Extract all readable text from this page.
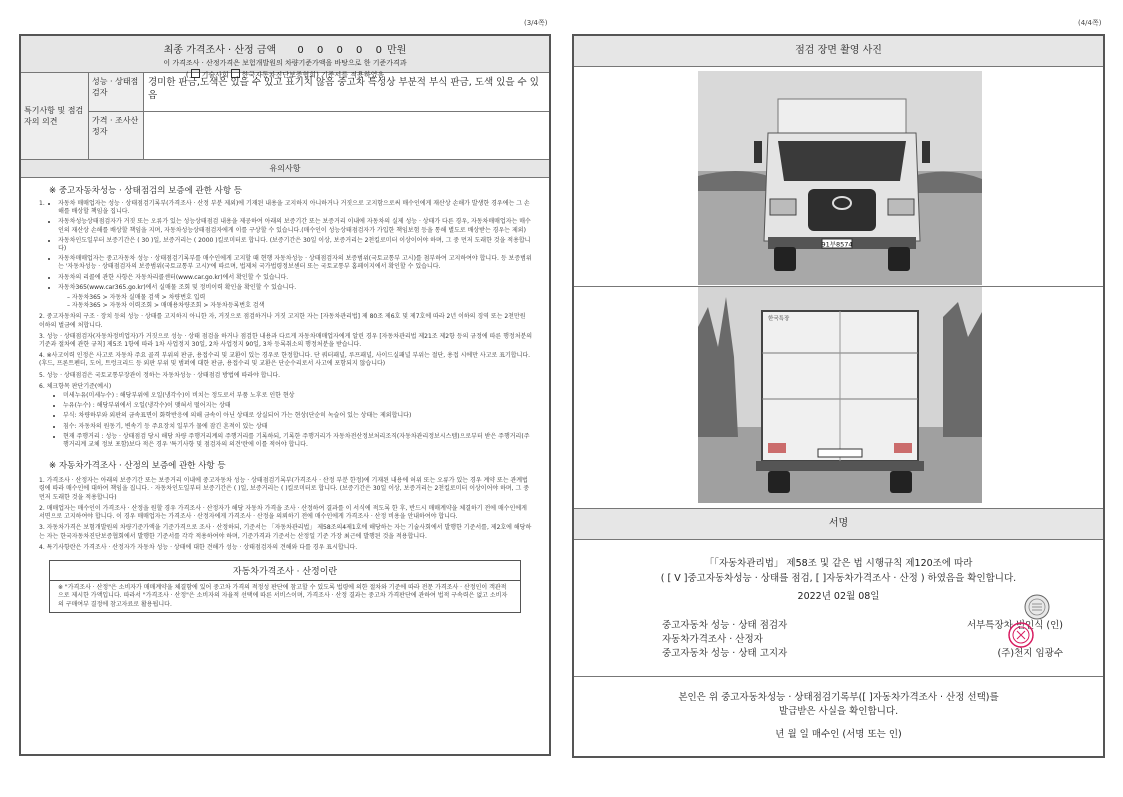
(3/4쪽)	(4/4쪽)
최종 가격조사 · 산정 금액 0 0 0 0 0만원
이 가격조사 · 산정가격은 보험개발원의 차량기준가액을 바탕으로 한 기준가격과
( 기술사회 한국자동차진단보증협회) 기준서를 적용하였음
특기사항 및 점검자의 의견
성능 · 상태점검자
경미한 판금,도색은 있을 수 있고 표기치 않음 중고차 특성상 부분적 부식 판금, 도색 있을 수 있음
가격 · 조사산정자
유의사항
※ 중고자동차성능 · 상태점검의 보증에 관한 사항 등
1.
• 자동차 매매업자는 성능 · 상태점검기록부(가격조사 · 산정 부분 제외)에 기재된 내용을 고지하지 아니하거나 거짓으로 고지함으로써 매수인에게 재산상 손해가 발생한 경우에는 그 손해를 배상할 책임을 집니다.
• 자동차성능상태점검자가 거짓 또는 오류가 있는 성능상태점검 내용을 제공하여 아래의 보증기간 또는 보증거리 이내에 자동차의 실제 성능 · 상태가 다른 경우, 자동차매매업자는 매수인의 재산상 손해를 배상할 책임을 지며, 자동차성능상태점검자에게 이를 구상할 수 있습니다.(매수인이 성능상태점검자가 가입한 책임보험 등을 통해 별도로 배상받는 경우는 제외)
• 자동차인도일부터 보증기간은 ( 30 )일, 보증거리는 ( 2000 )킬로미터로 합니다. (보증기간은 30일 이상, 보증거리는 2천킬로미터 이상이어야 하며, 그 중 먼저 도래한 것을 적용합니다)
• 자동차매매업자는 중고자동차 성능 · 상태점검기록부를 매수인에게 고지할 때 현행 자동차성능 · 상태점검자의 보증범위(국토교통부 고시)를 첨부하여 고지하여야 합니다. 등 보증범위는 '자동차성능 · 상태점검자의 보증범위(국토교통부 고시)'에 따르며, 법제처 국가법령정보센터 또는 국토교통부 홈페이지에서 확인할 수 있습니다.
• 자동차의 리콜에 관한 사항은 자동차리콜센터(www.car.go.kr)에서 확인할 수 있습니다.
• 자동차365(www.car365.go.kr)에서 실매물 조회 및 정비이력 확인을 확인할 수 있습니다.
– 자동차365 > 자동차 실매물 검색 > 차량번호 입력
– 자동차365 > 자동차 이력조회 > 매매용차량조회 > 자동차등록번호 검색
2. 중고자동차의 구조 · 장치 등의 성능 · 상태를 고지하지 아니한 자, 거짓으로 점검하거나 거짓 고지한 자는 [자동차관리법] 제 80조 제6호 및 제7호에 따라 2년 이하의 징역 또는 2천만원 이하의 벌금에 처합니다.
3. 성능 · 상태점검자(자동차정비업자)가 거짓으로 성능 · 상태 점검을 하거나 점검한 내용과 다르게 자동차매매업자에게 알린 경우 [자동차관리법 제21조 제2항 등의 규정에 따른 행정처분의 기준과 절차에 관한 규칙] 제5조 1항에 따라 1차 사업정지 30일, 2차 사업정지 90일, 3차 등록취소의 행정처분을 받습니다.
4. ※사고이력 인정은 사고로 자동차 주요 골격 부위의 판금, 용접수리 및 교환이 있는 경우로 한정합니다. 단 쿼터패널, 루프패널, 사이드실패널 부위는 절단, 용접 시에만 사고로 표기합니다. (후드, 프론트펜더, 도어, 트렁크리드 등 외판 부위 및 범퍼에 대한 판금, 용접수리 및 교환은 단순수리로서 사고에 포함되지 않습니다)
5. 성능 · 상태점검은 국토교통부장관이 정하는 자동차성능 · 상태점검 방법에 따라야 합니다.
6. 체크항목 판단기준(예시)
• 미세누유(미세누수) : 해당부위에 오일(냉각수)이 비치는 정도로서 부품 노후로 인한 현상
• 누유(누수) : 해당부위에서 오일(냉각수)이 맺혀서 떨어지는 상태
• 부식: 차량하부와 외판의 금속표면이 화학반응에 의해 금속이 아닌 상태로 상실되어 가는 현상(단순히 녹슬어 있는 상태는 제외합니다)
• 침수: 자동차의 원동기, 변속기 등 주요장치 일부가 물에 잠긴 흔적이 있는 상태
• 현재 주행거리 : 성능 · 상태점검 당시 해당 차량 주행거리계의 주행거리를 기록하되, 기록한 주행거리가 자동차전산정보처리조직(자동차관리정보시스템)으로부터 받은 주행거리(주행거리계 교체 정보 포함)보다 적은 경우 '특기사항 및 점검자의 의견'란에 이를 적어야 합니다.
※ 자동차가격조사 · 산정의 보증에 관한 사항 등
1. 가격조사 · 산정자는 아래의 보증기간 또는 보증거리 이내에 중고자동차 성능 · 상태점검기록부(가격조사 · 산정 부분 한정)에 기재된 내용에 허위 또는 오류가 있는 경우 계약 또는 관계법령에 따라 매수인에 대하여 책임을 집니다. · 자동차인도일부터 보증기간은 ( )일, 보증거리는 ( )킬로미터로 합니다. (보증기간은 30일 이상, 보증거리는 2천킬로미터 이상이어야 하며, 그 중 먼저 도래한 것을 적용합니다)
2. 매매업자는 매수인이 가격조사 · 산정을 원할 경우 가격조사 · 산정자가 해당 자동차 가격을 조사 · 산정하여 결과를 이 서식에 적도록 한 후, 반드시 매매계약을 체결하기 전에 매수인에게 서면으로 고지하여야 합니다. 이 경우 매매업자는 가격조사 · 산정자에게 가격조사 · 산정을 의뢰하기 전에 매수인에게 가격조사 · 산정 비용을 안내하여야 합니다.
3. 자동차가격은 보험개발원의 차량기준가액을 기준가격으로 조사 · 산정하되, 기준서는 「자동차관리법」 제58조의4제1호에 해당하는 자는 기술사회에서 발행한 기준서를, 제2호에 해당하는 자는 한국자동차진단보증협회에서 발행한 기준서를 각각 적용하여야 하며, 기준가격과 기준서는 산정일 기준 가장 최근에 발행된 것을 적용합니다.
4. 특기사항란은 가격조사 · 산정자가 자동차 성능 · 상태에 대한 견해가 성능 · 상태점검자의 견해와 다를 경우 표시합니다.
자동차가격조사 · 산정이란
※ "가격조사 · 산정"은 소비자가 매매계약을 체결함에 있어 중고차 가격의 적정성 판단에 참고할 수 있도록 법령에 의한 절차와 기준에 따라 전문 가격조사 · 산정인이 객관적으로 제시한 가액입니다. 따라서 "가격조사 · 산정"은 소비자의 자율적 선택에 따른 서비스이며, 가격조사 · 산정 결과는 중고차 가격판단에 관하여 법적 구속력은 없고 소비자의 구매여부 결정에 참고자료로 활용됩니다.
점검 장면 촬영 사진
91부8574
한국특장
서명
「「자동차관리법」 제58조 및 같은 법 시행규칙 제120조에 따라
( [ V ]중고자동차성능 · 상태를 점검, [ ]자동차가격조사 · 산정 ) 하였음을 확인합니다.
2022년 02월 08일
중고자동차 성능 · 상태 점검자	서부특장차 빈인식 (인)
자동차가격조사 · 산정자
중고자동차 성능 · 상태 고지자	(주)천지 임광수
본인은 위 중고자동차성능 · 상태점검기록부([ ]자동차가격조사 · 산정 선택)를
발급받은 사실을 확인합니다.
년 월 일 매수인 (서명 또는 인)
